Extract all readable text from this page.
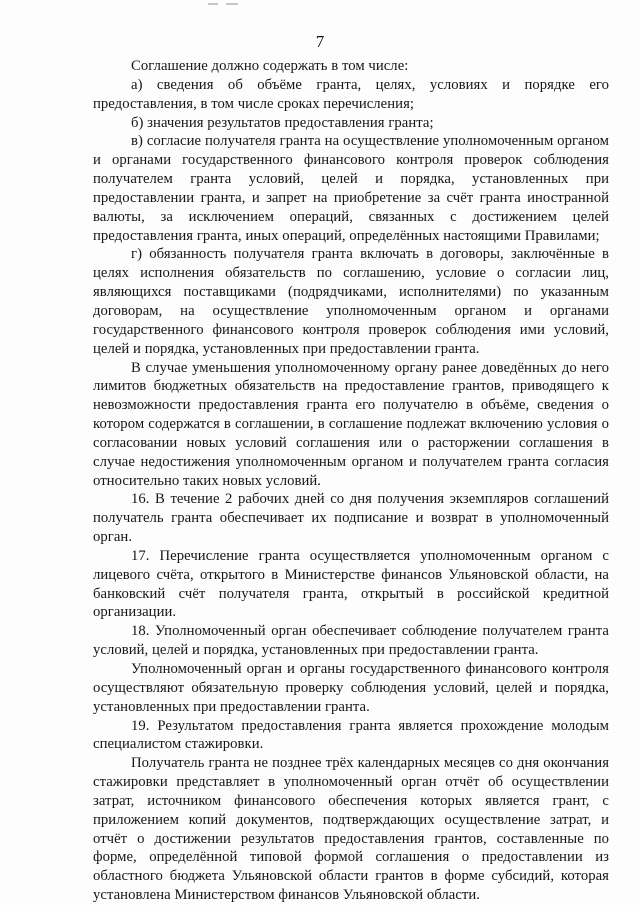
7

Соглашение должно содержать в том числе:

а) сведения об объёме гранта, целях, условиях и порядке его предоставления, в том числе сроках перечисления;

б) значения результатов предоставления гранта;

в) согласие получателя гранта на осуществление уполномоченным органом и органами государственного финансового контроля проверок соблюдения получателем гранта условий, целей и порядка, установленных при предоставлении гранта, и запрет на приобретение за счёт гранта иностранной валюты, за исключением операций, связанных с достижением целей предоставления гранта, иных операций, определённых настоящими Правилами;

г) обязанность получателя гранта включать в договоры, заключённые в целях исполнения обязательств по соглашению, условие о согласии лиц, являющихся поставщиками (подрядчиками, исполнителями) по указанным договорам, на осуществление уполномоченным органом и органами государственного финансового контроля проверок соблюдения ими условий, целей и порядка, установленных при предоставлении гранта.

В случае уменьшения уполномоченному органу ранее доведённых до него лимитов бюджетных обязательств на предоставление грантов, приводящего к невозможности предоставления гранта его получателю в объёме, сведения о котором содержатся в соглашении, в соглашение подлежат включению условия о согласовании новых условий соглашения или о расторжении соглашения в случае недостижения уполномоченным органом и получателем гранта согласия относительно таких новых условий.

16. В течение 2 рабочих дней со дня получения экземпляров соглашений получатель гранта обеспечивает их подписание и возврат в уполномоченный орган.

17. Перечисление гранта осуществляется уполномоченным органом с лицевого счёта, открытого в Министерстве финансов Ульяновской области, на банковский счёт получателя гранта, открытый в российской кредитной организации.

18. Уполномоченный орган обеспечивает соблюдение получателем гранта условий, целей и порядка, установленных при предоставлении гранта.

Уполномоченный орган и органы государственного финансового контроля осуществляют обязательную проверку соблюдения условий, целей и порядка, установленных при предоставлении гранта.

19. Результатом предоставления гранта является прохождение молодым специалистом стажировки.

Получатель гранта не позднее трёх календарных месяцев со дня окончания стажировки представляет в уполномоченный орган отчёт об осуществлении затрат, источником финансового обеспечения которых является грант, с приложением копий документов, подтверждающих осуществление затрат, и отчёт о достижении результатов предоставления грантов, составленные по форме, определённой типовой формой соглашения о предоставлении из областного бюджета Ульяновской области грантов в форме субсидий, которая установлена Министерством финансов Ульяновской области.
